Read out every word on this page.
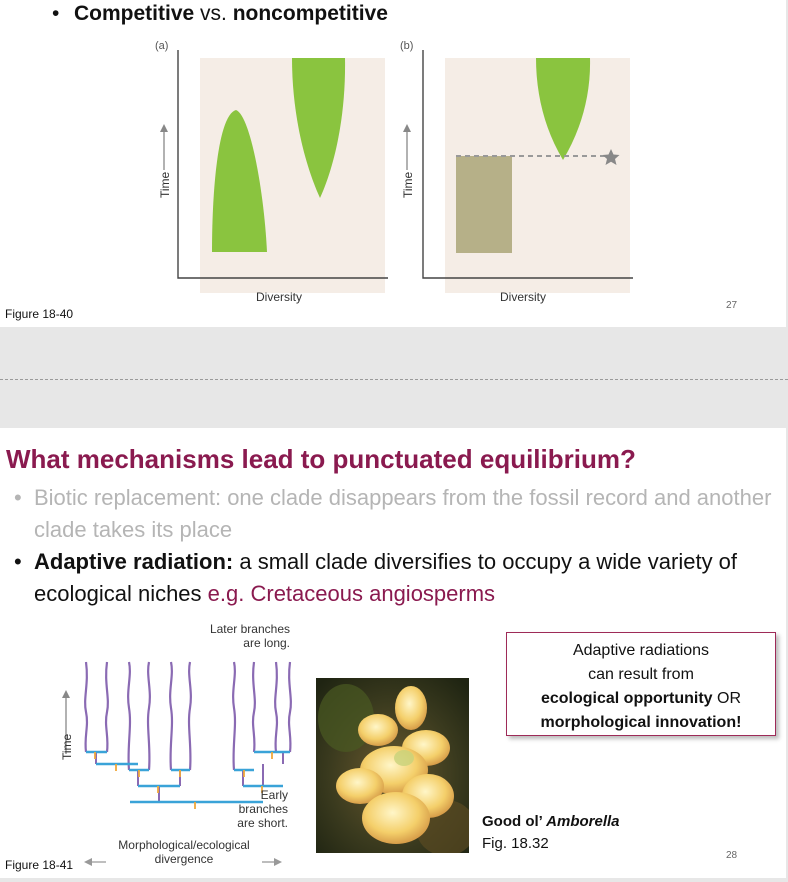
• Competitive vs. noncompetitive
(a)
Time
Diversity
(b)
Time
Diversity
Figure 18-40
27
What mechanisms lead to punctuated equilibrium?
• Biotic replacement: one clade disappears from the fossil record and another clade takes its place
• Adaptive radiation: a small clade diversifies to occupy a wide variety of ecological niches e.g. Cretaceous angiosperms
Later branches
are long.
Time
Early
branches
are short.
Morphological/ecological
divergence
Adaptive radiations
can result from
ecological opportunity OR
morphological innovation!
Good ol’ Amborella
Fig. 18.32
Figure 18-41
28
